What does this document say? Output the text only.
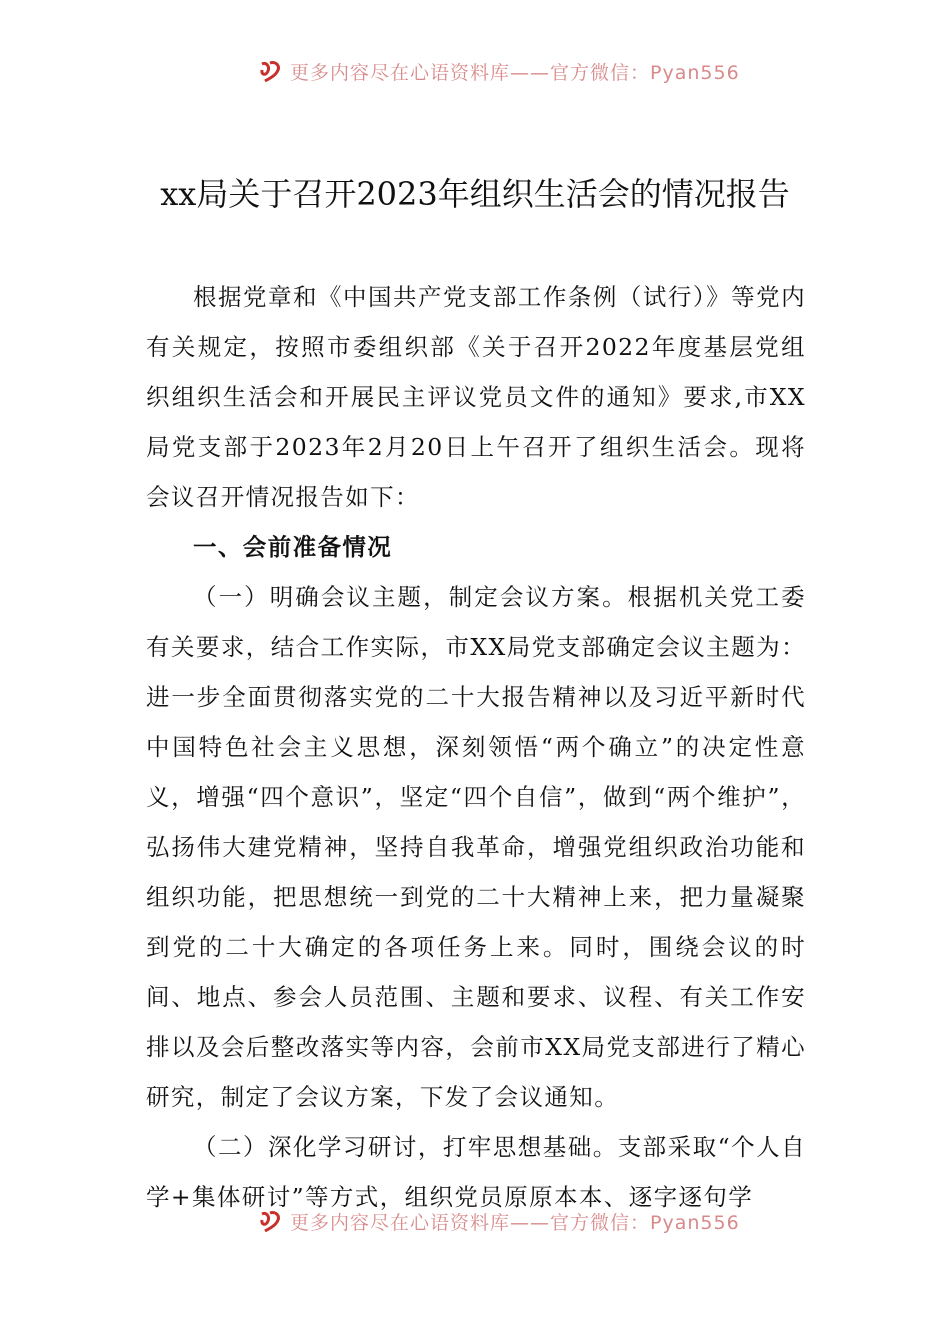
更多内容尽在心语资料库——官方微信：Pyan556
xx局关于召开2023年组织生活会的情况报告

根据党章和《中国共产党支部工作条例（试行）》等党内有关规定，按照市委组织部《关于召开2022年度基层党组织组织生活会和开展民主评议党员文件的通知》要求,市XX局党支部于2023年2月20日上午召开了组织生活会。现将会议召开情况报告如下：

一、会前准备情况

（一）明确会议主题，制定会议方案。根据机关党工委有关要求，结合工作实际，市XX局党支部确定会议主题为：进一步全面贯彻落实党的二十大报告精神以及习近平新时代中国特色社会主义思想，深刻领悟“两个确立”的决定性意义，增强“四个意识”，坚定“四个自信”，做到“两个维护”，弘扬伟大建党精神，坚持自我革命，增强党组织政治功能和组织功能，把思想统一到党的二十大精神上来，把力量凝聚到党的二十大确定的各项任务上来。同时，围绕会议的时间、地点、参会人员范围、主题和要求、议程、有关工作安排以及会后整改落实等内容，会前市XX局党支部进行了精心研究，制定了会议方案，下发了会议通知。

（二）深化学习研讨，打牢思想基础。支部采取“个人自学+集体研讨”等方式，组织党员原原本本、逐字逐句学

更多内容尽在心语资料库——官方微信：Pyan556
